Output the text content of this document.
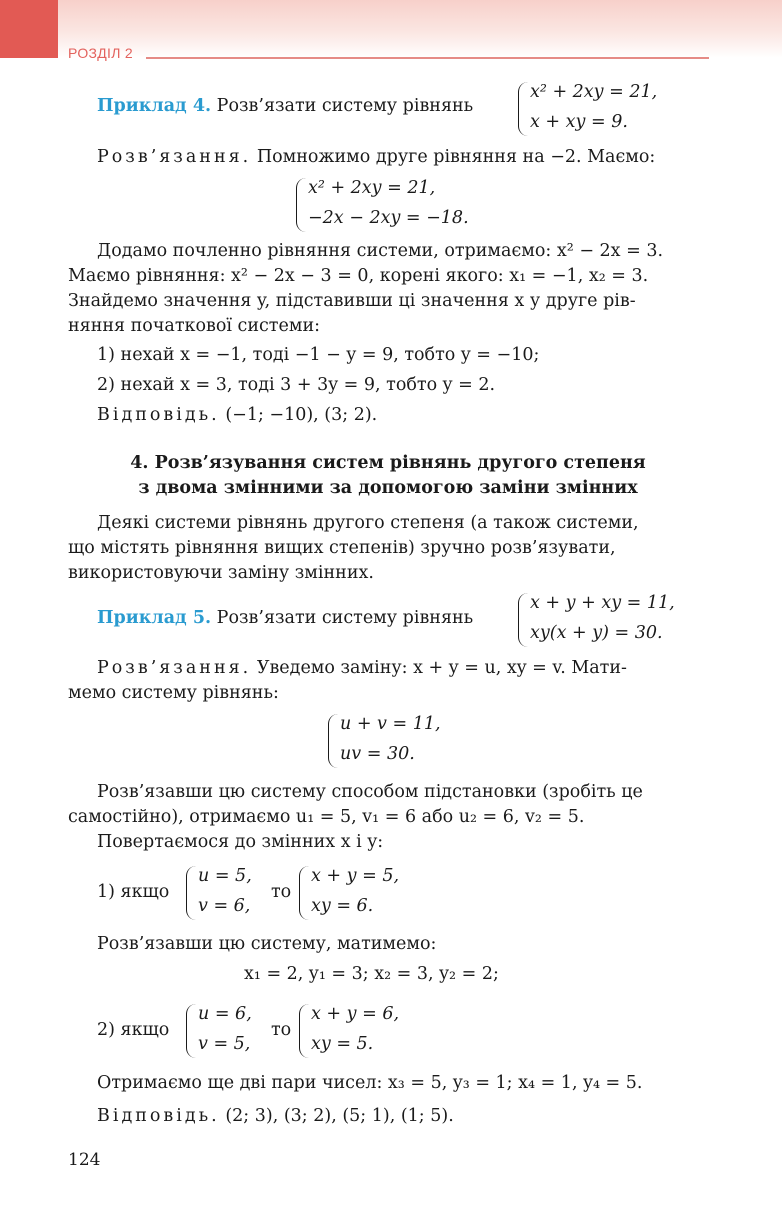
РОЗДІЛ 2
Приклад 4. Розв’язати систему рівнянь
x² + 2xy = 21,
x + xy = 9.
Розв’язання. Помножимо друге рівняння на −2. Маємо:
x² + 2xy = 21,
−2x − 2xy = −18.
Додамо почленно рівняння системи, отримаємо: x² − 2x = 3.
Маємо рівняння: x² − 2x − 3 = 0, корені якого: x₁ = −1, x₂ = 3.
Знайдемо значення y, підставивши ці значення x у друге рів-
няння початкової системи:
1) нехай x = −1, тоді −1 − y = 9, тобто y = −10;
2) нехай x = 3, тоді 3 + 3y = 9, тобто y = 2.
Відповідь. (−1; −10), (3; 2).
4. Розв’язування систем рівнянь другого степеня
з двома змінними за допомогою заміни змінних
Деякі системи рівнянь другого степеня (а також системи,
що містять рівняння вищих степенів) зручно розв’язувати,
використовуючи заміну змінних.
Приклад 5. Розв’язати систему рівнянь
x + y + xy = 11,
xy(x + y) = 30.
Розв’язання. Уведемо заміну: x + y = u, xy = v. Мати-
мемо систему рівнянь:
u + v = 11,
uv = 30.
Розв’язавши цю систему способом підстановки (зробіть це
самостійно), отримаємо u₁ = 5, v₁ = 6 або u₂ = 6, v₂ = 5.
Повертаємося до змінних x і y:
1) якщо
u = 5,
v = 6,
то
x + y = 5,
xy = 6.
Розв’язавши цю систему, матимемо:
x₁ = 2, y₁ = 3; x₂ = 3, y₂ = 2;
2) якщо
u = 6,
v = 5,
то
x + y = 6,
xy = 5.
Отримаємо ще дві пари чисел: x₃ = 5, y₃ = 1; x₄ = 1, y₄ = 5.
Відповідь. (2; 3), (3; 2), (5; 1), (1; 5).
124
